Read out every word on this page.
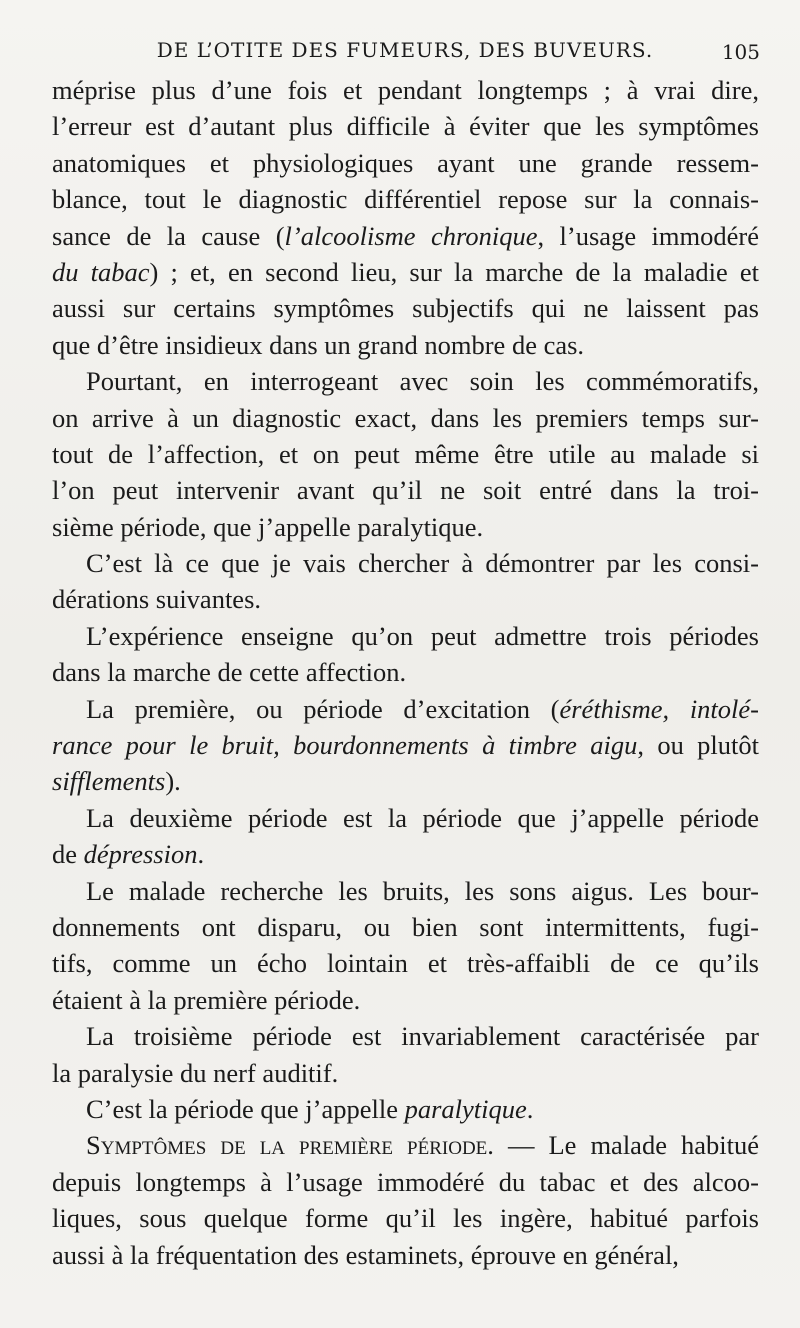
DE L’OTITE DES FUMEURS, DES BUVEURS.	105
méprise plus d’une fois et pendant longtemps ; à vrai dire,
l’erreur est d’autant plus difficile à éviter que les symptômes
anatomiques et physiologiques ayant une grande ressem-
blance, tout le diagnostic différentiel repose sur la connais-
sance de la cause (l’alcoolisme chronique, l’usage immodéré
du tabac) ; et, en second lieu, sur la marche de la maladie et
aussi sur certains symptômes subjectifs qui ne laissent pas
que d’être insidieux dans un grand nombre de cas.
Pourtant, en interrogeant avec soin les commémoratifs,
on arrive à un diagnostic exact, dans les premiers temps sur-
tout de l’affection, et on peut même être utile au malade si
l’on peut intervenir avant qu’il ne soit entré dans la troi-
sième période, que j’appelle paralytique.
C’est là ce que je vais chercher à démontrer par les consi-
dérations suivantes.
L’expérience enseigne qu’on peut admettre trois périodes
dans la marche de cette affection.
La première, ou période d’excitation (éréthisme, intolé-
rance pour le bruit, bourdonnements à timbre aigu, ou plutôt
sifflements).
La deuxième période est la période que j’appelle période
de dépression.
Le malade recherche les bruits, les sons aigus. Les bour-
donnements ont disparu, ou bien sont intermittents, fugi-
tifs, comme un écho lointain et très-affaibli de ce qu’ils
étaient à la première période.
La troisième période est invariablement caractérisée par
la paralysie du nerf auditif.
C’est la période que j’appelle paralytique.
Symptômes de la première période. — Le malade habitué
depuis longtemps à l’usage immodéré du tabac et des alcoo-
liques, sous quelque forme qu’il les ingère, habitué parfois
aussi à la fréquentation des estaminets, éprouve en général,
